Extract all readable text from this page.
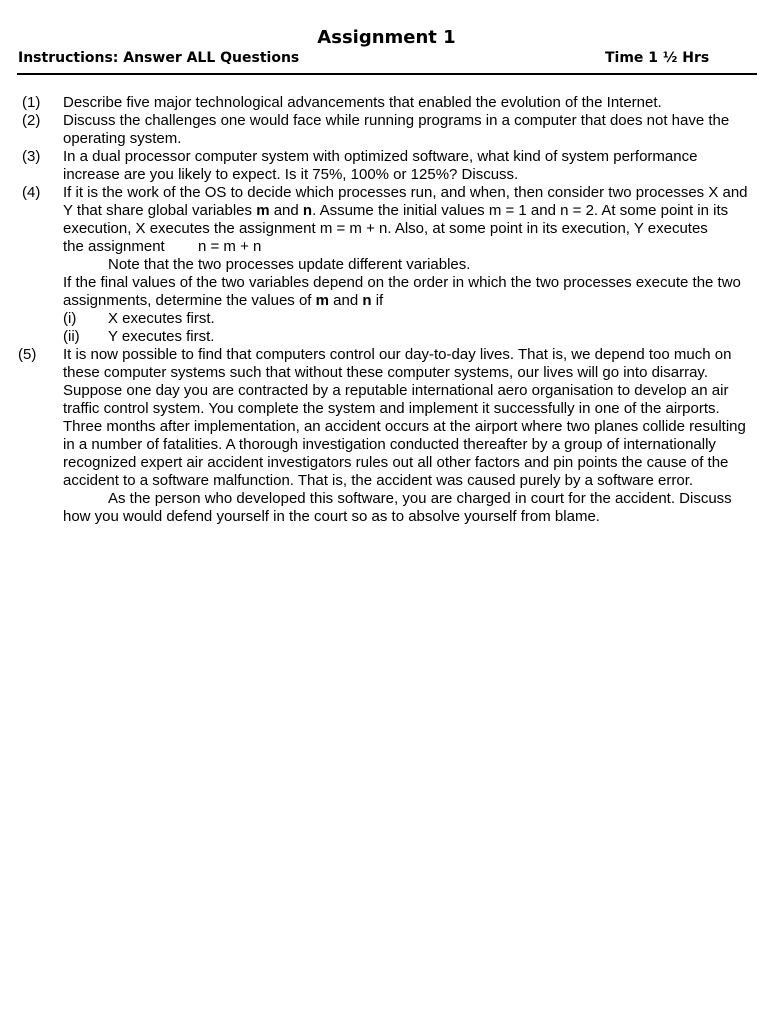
Assignment 1
Instructions: Answer ALL Questions	Time 1 ½ Hrs
(1) Describe five major technological advancements that enabled the evolution of the Internet.
(2) Discuss the challenges one would face while running programs in a computer that does not have the
operating system.
(3) In a dual processor computer system with optimized software, what kind of system performance
increase are you likely to expect. Is it 75%, 100% or 125%? Discuss.
(4) If it is the work of the OS to decide which processes run, and when, then consider two processes X and
Y that share global variables m and n. Assume the initial values m = 1 and n = 2. At some point in its
execution, X executes the assignment m = m + n. Also, at some point in its execution, Y executes
the assignment n = m + n
Note that the two processes update different variables.
If the final values of the two variables depend on the order in which the two processes execute the two
assignments, determine the values of m and n if
(i) X executes first.
(ii) Y executes first.
(5) It is now possible to find that computers control our day-to-day lives. That is, we depend too much on
these computer systems such that without these computer systems, our lives will go into disarray.
Suppose one day you are contracted by a reputable international aero organisation to develop an air
traffic control system. You complete the system and implement it successfully in one of the airports.
Three months after implementation, an accident occurs at the airport where two planes collide resulting
in a number of fatalities. A thorough investigation conducted thereafter by a group of internationally
recognized expert air accident investigators rules out all other factors and pin points the cause of the
accident to a software malfunction. That is, the accident was caused purely by a software error.
As the person who developed this software, you are charged in court for the accident. Discuss
how you would defend yourself in the court so as to absolve yourself from blame.
